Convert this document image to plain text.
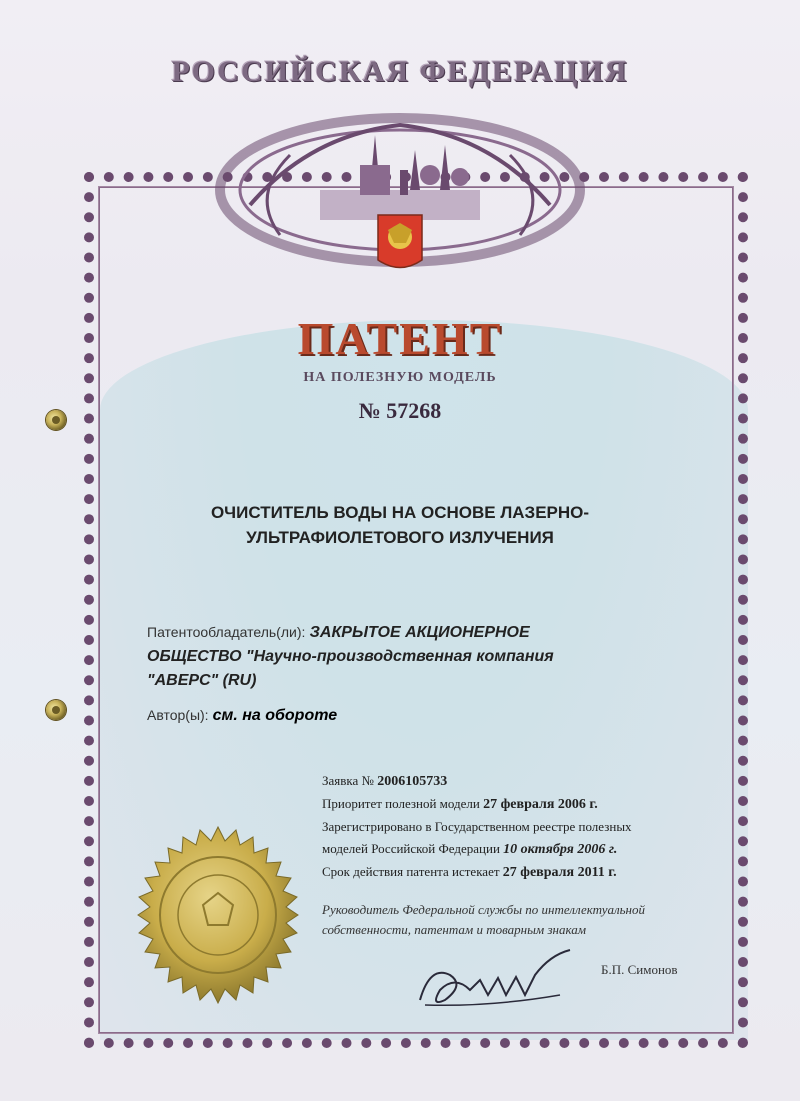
РОССИЙСКАЯ ФЕДЕРАЦИЯ
ПАТЕНТ
НА ПОЛЕЗНУЮ МОДЕЛЬ
№ 57268
ОЧИСТИТЕЛЬ ВОДЫ НА ОСНОВЕ ЛАЗЕРНО-
УЛЬТРАФИОЛЕТОВОГО ИЗЛУЧЕНИЯ
Патентообладатель(ли): ЗАКРЫТОЕ АКЦИОНЕРНОЕ
ОБЩЕСТВО "Научно-производственная компания
"АВЕРС" (RU)
Автор(ы): см. на обороте
Заявка № 2006105733
Приоритет полезной модели 27 февраля 2006 г.
Зарегистрировано в Государственном реестре полезных
моделей Российской Федерации 10 октября 2006 г.
Срок действия патента истекает 27 февраля 2011 г.
Руководитель Федеральной службы по интеллектуальной
собственности, патентам и товарным знакам
Б.П. Симонов
